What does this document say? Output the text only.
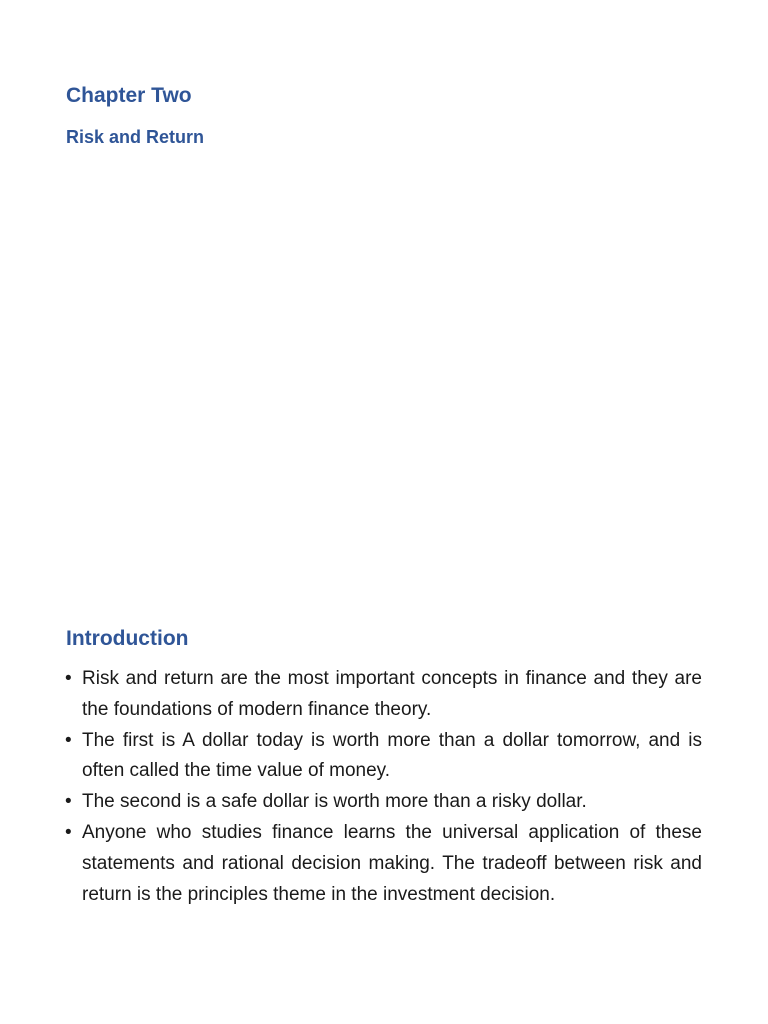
Chapter Two
Risk and Return
Introduction
• Risk and return are the most important concepts in finance and they are the foundations of modern finance theory.
• The first is A dollar today is worth more than a dollar tomorrow, and is often called the time value of money.
• The second is a safe dollar is worth more than a risky dollar.
• Anyone who studies finance learns the universal application of these statements and rational decision making. The tradeoff between risk and return is the principles theme in the investment decision.
